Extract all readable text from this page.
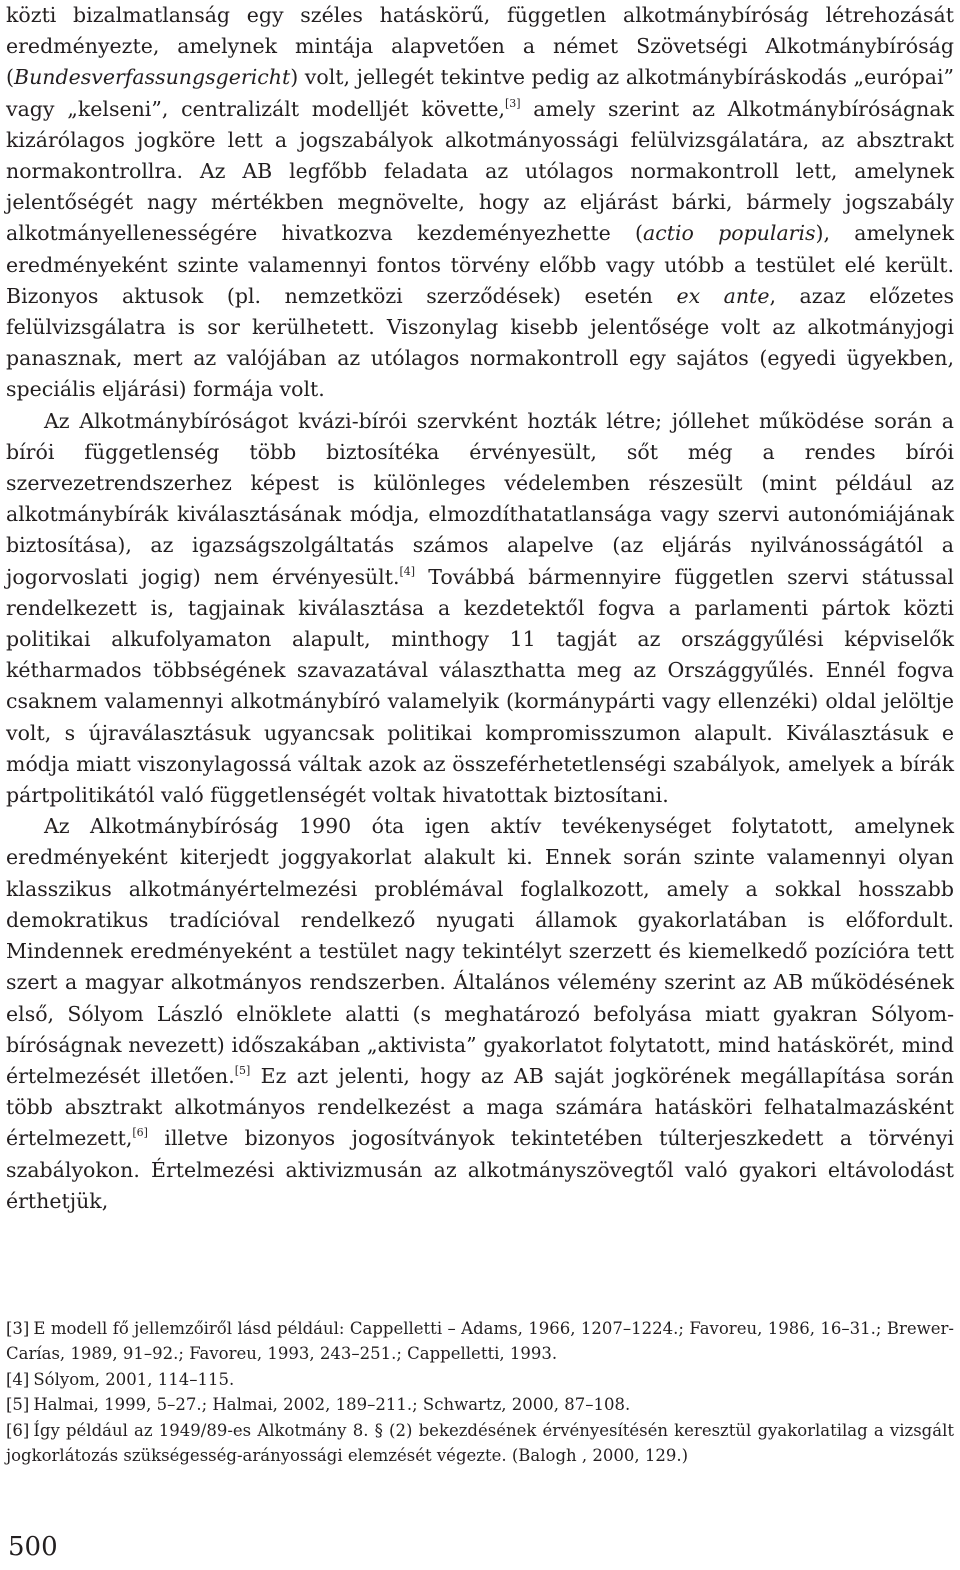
közti bizalmatlanság egy széles hatáskörű, független alkotmánybíróság létrehozását eredményezte, amelynek mintája alapvetően a német Szövetségi Alkotmánybíróság (Bundesverfassungsgericht) volt, jellegét tekintve pedig az alkotmánybíráskodás „európai” vagy „kelseni”, centralizált modelljét követte,[3] amely szerint az Alkotmánybíróságnak kizárólagos jogköre lett a jogszabályok alkotmányossági felülvizsgálatára, az absztrakt normakontrollra. Az AB legfőbb feladata az utólagos normakontroll lett, amelynek jelentőségét nagy mértékben megnövelte, hogy az eljárást bárki, bármely jogszabály alkotmányellenességére hivatkozva kezdeményezhette (actio popularis), amelynek eredményeként szinte valamennyi fontos törvény előbb vagy utóbb a testület elé került. Bizonyos aktusok (pl. nemzetközi szerződések) esetén ex ante, azaz előzetes felülvizsgálatra is sor kerülhetett. Viszonylag kisebb jelentősége volt az alkotmányjogi panasznak, mert az valójában az utólagos normakontroll egy sajátos (egyedi ügyekben, speciális eljárási) formája volt.

Az Alkotmánybíróságot kvázi-bírói szervként hozták létre; jóllehet működése során a bírói függetlenség több biztosítéka érvényesült, sőt még a rendes bírói szervezetrendszerhez képest is különleges védelemben részesült (mint például az alkotmánybírák kiválasztásának módja, elmozdíthatatlansága vagy szervi autonómiájának biztosítása), az igazságszolgáltatás számos alapelve (az eljárás nyilvánosságától a jogorvoslati jogig) nem érvényesült.[4] Továbbá bármennyire független szervi státussal rendelkezett is, tagjainak kiválasztása a kezdetektől fogva a parlamenti pártok közti politikai alkufolyamaton alapult, minthogy 11 tagját az országgyűlési képviselők kétharmados többségének szavazatával választhatta meg az Országgyűlés. Ennél fogva csaknem valamennyi alkotmánybíró valamelyik (kormánypárti vagy ellenzéki) oldal jelöltje volt, s újraválasztásuk ugyancsak politikai kompromisszumon alapult. Kiválasztásuk e módja miatt viszonylagossá váltak azok az összeférhetetlenségi szabályok, amelyek a bírák pártpolitikától való függetlenségét voltak hivatottak biztosítani.

Az Alkotmánybíróság 1990 óta igen aktív tevékenységet folytatott, amelynek eredményeként kiterjedt joggyakorlat alakult ki. Ennek során szinte valamennyi olyan klasszikus alkotmányértelmezési problémával foglalkozott, amely a sokkal hosszabb demokratikus tradícióval rendelkező nyugati államok gyakorlatában is előfordult. Mindennek eredményeként a testület nagy tekintélyt szerzett és kiemelkedő pozícióra tett szert a magyar alkotmányos rendszerben. Általános vélemény szerint az AB működésének első, Sólyom László elnöklete alatti (s meghatározó befolyása miatt gyakran Sólyom-bíróságnak nevezett) időszakában „aktivista” gyakorlatot folytatott, mind hatáskörét, mind értelmezését illetően.[5] Ez azt jelenti, hogy az AB saját jogkörének megállapítása során több absztrakt alkotmányos rendelkezést a maga számára hatásköri felhatalmazásként értelmezett,[6] illetve bizonyos jogosítványok tekintetében túlterjeszkedett a törvényi szabályokon. Értelmezési aktivizmusán az alkotmányszövegtől való gyakori eltávolodást érthetjük,

[3] E modell fő jellemzőiről lásd például: Cappelletti – Adams, 1966, 1207–1224.; Favoreu, 1986, 16–31.; Brewer-Carías, 1989, 91–92.; Favoreu, 1993, 243–251.; Cappelletti, 1993.

[4] Sólyom, 2001, 114–115.

[5] Halmai, 1999, 5–27.; Halmai, 2002, 189–211.; Schwartz, 2000, 87–108.

[6] Így például az 1949/89-es Alkotmány 8. § (2) bekezdésének érvényesítésén keresztül gyakorlatilag a vizsgált jogkorlátozás szükségesség-arányossági elemzését végezte. (Balogh , 2000, 129.)

500
